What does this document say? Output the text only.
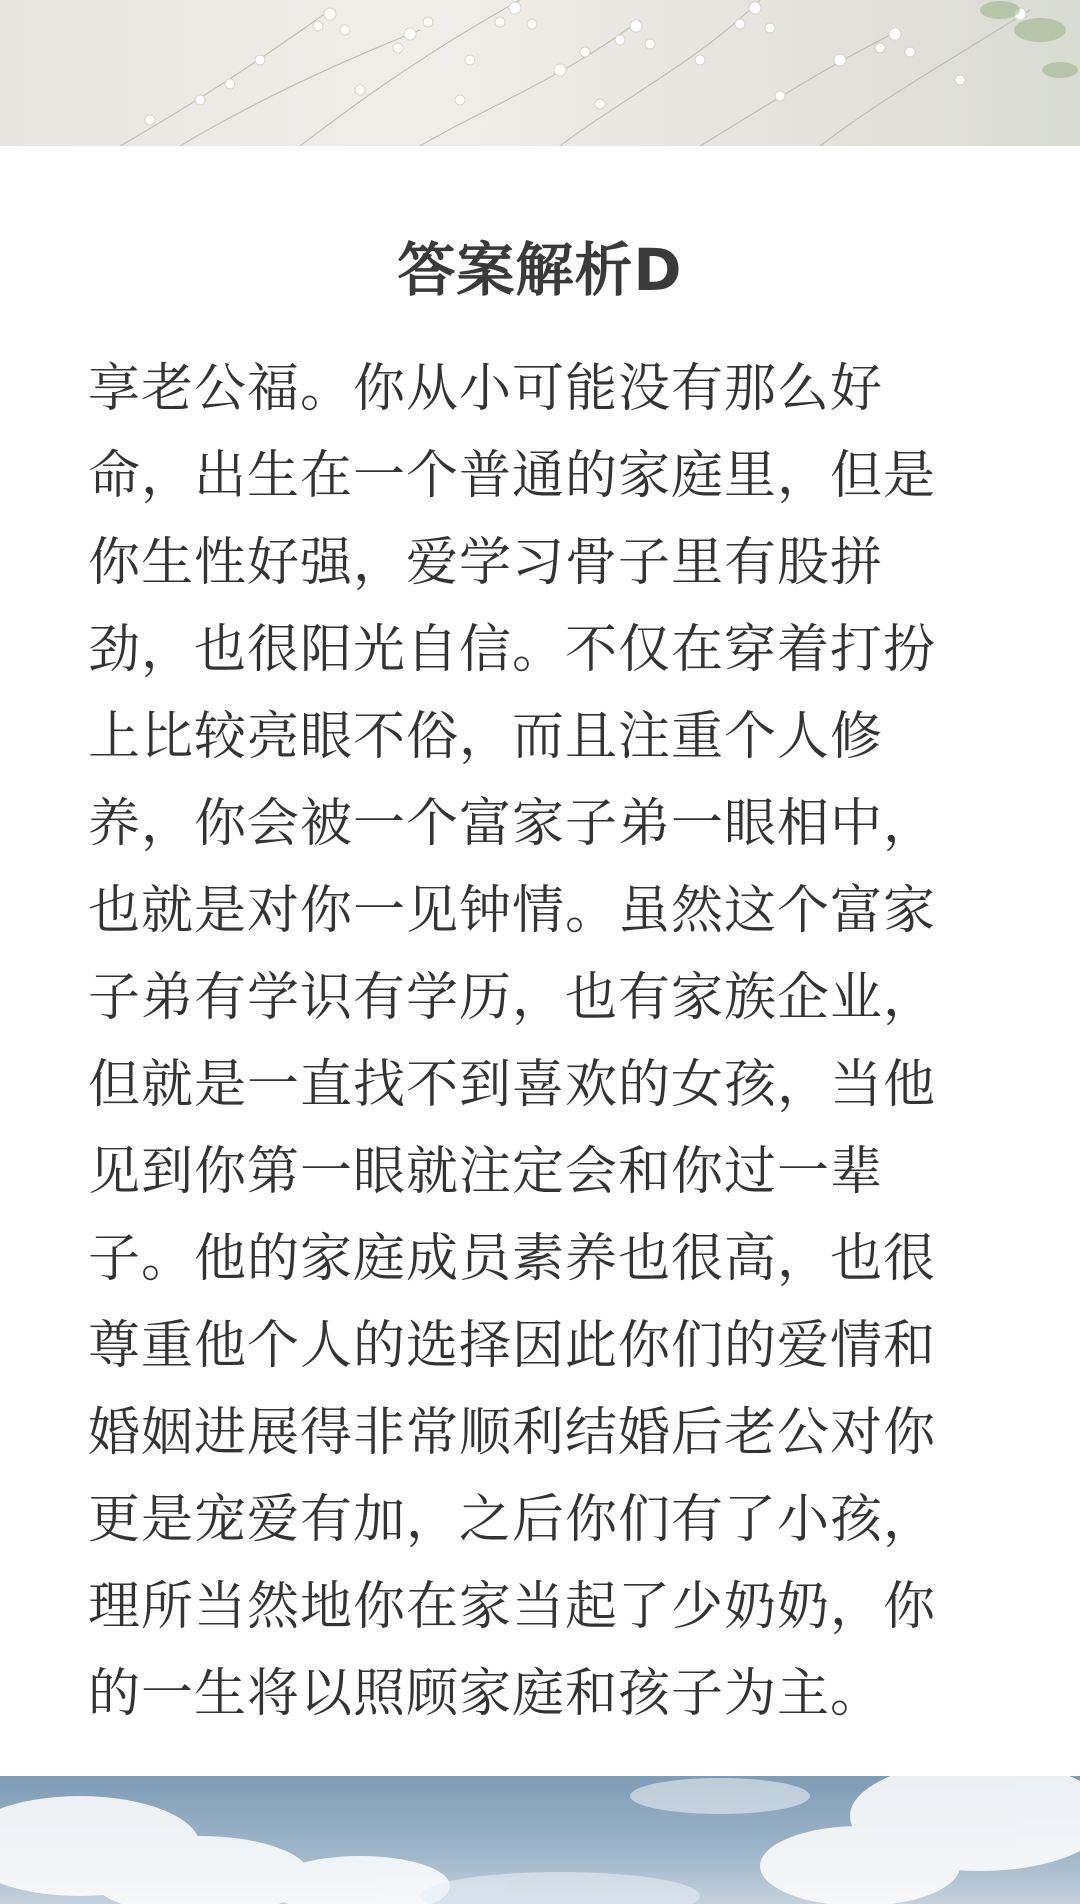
答案解析D
享老公福。你从小可能没有那么好
命，出生在一个普通的家庭里，但是
你生性好强，爱学习骨子里有股拼
劲，也很阳光自信。不仅在穿着打扮
上比较亮眼不俗，而且注重个人修
养，你会被一个富家子弟一眼相中，
也就是对你一见钟情。虽然这个富家
子弟有学识有学历，也有家族企业，
但就是一直找不到喜欢的女孩，当他
见到你第一眼就注定会和你过一辈
子。他的家庭成员素养也很高，也很
尊重他个人的选择因此你们的爱情和
婚姻进展得非常顺利结婚后老公对你
更是宠爱有加，之后你们有了小孩，
理所当然地你在家当起了少奶奶，你
的一生将以照顾家庭和孩子为主。
